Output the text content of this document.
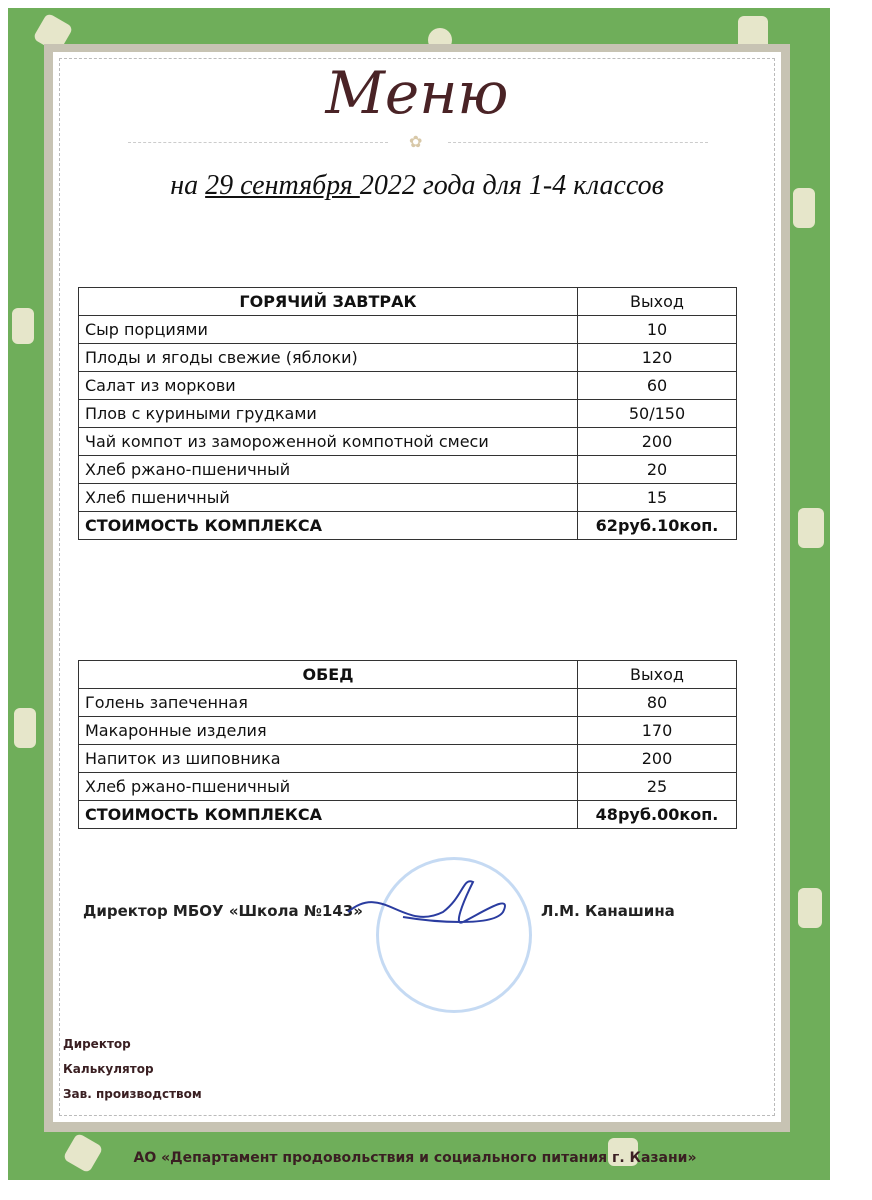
Меню
✿
на 29 сентября 2022 года для 1-4 классов
ГОРЯЧИЙ ЗАВТРАК	Выход
Сыр порциями	10
Плоды и ягоды свежие (яблоки)	120
Салат из моркови	60
Плов с куриными грудками	50/150
Чай компот из замороженной компотной смеси	200
Хлеб ржано-пшеничный	20
Хлеб пшеничный	15
СТОИМОСТЬ КОМПЛЕКСА	62руб.10коп.
ОБЕД	Выход
Голень запеченная	80
Макаронные изделия	170
Напиток из шиповника	200
Хлеб ржано-пшеничный	25
СТОИМОСТЬ КОМПЛЕКСА	48руб.00коп.
Директор МБОУ «Школа №143»	Л.М. Канашина
Директор
Калькулятор
Зав. производством
АО «Департамент продовольствия и социального питания г. Казани»
